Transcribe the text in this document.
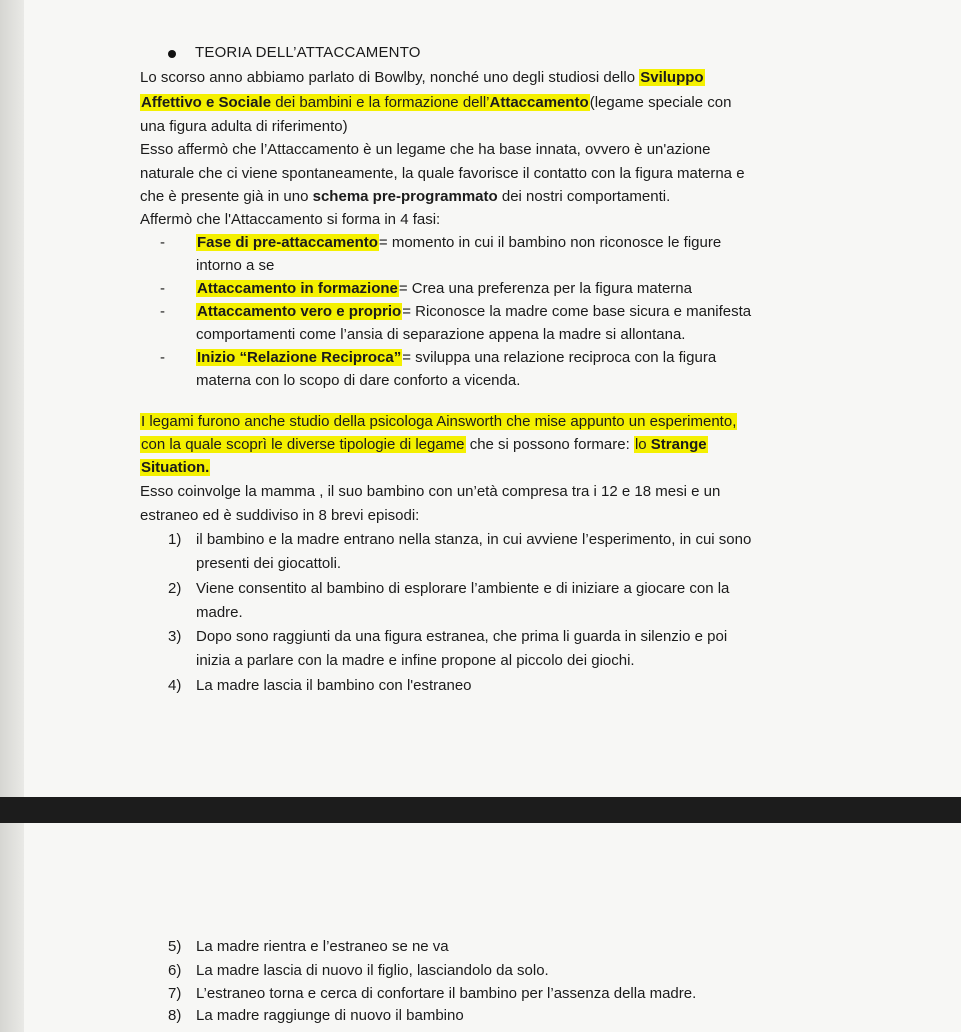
TEORIA DELL’ATTACCAMENTO
Lo scorso anno abbiamo parlato di Bowlby, nonché uno degli studiosi dello Sviluppo
Affettivo e Sociale dei bambini e la formazione dell’Attaccamento(legame speciale con
una figura adulta di riferimento)
Esso affermò che l’Attaccamento è un legame che ha base innata, ovvero è un'azione
naturale che ci viene spontaneamente, la quale favorisce il contatto con la figura materna e
che è presente già in uno schema pre-programmato dei nostri comportamenti.
Affermò che l'Attaccamento si forma in 4 fasi:
- Fase di pre-attaccamento= momento in cui il bambino non riconosce le figure
intorno a se
- Attaccamento in formazione= Crea una preferenza per la figura materna
- Attaccamento vero e proprio= Riconosce la madre come base sicura e manifesta
comportamenti come l’ansia di separazione appena la madre si allontana.
- Inizio “Relazione Reciproca”= sviluppa una relazione reciproca con la figura
materna con lo scopo di dare conforto a vicenda.
I legami furono anche studio della psicologa Ainsworth che mise appunto un esperimento,
con la quale scoprì le diverse tipologie di legame che si possono formare: lo Strange
Situation.
Esso coinvolge la mamma , il suo bambino con un’età compresa tra i 12 e 18 mesi e un
estraneo ed è suddiviso in 8 brevi episodi:
1) il bambino e la madre entrano nella stanza, in cui avviene l’esperimento, in cui sono
presenti dei giocattoli.
2) Viene consentito al bambino di esplorare l’ambiente e di iniziare a giocare con la
madre.
3) Dopo sono raggiunti da una figura estranea, che prima li guarda in silenzio e poi
inizia a parlare con la madre e infine propone al piccolo dei giochi.
4) La madre lascia il bambino con l'estraneo
5) La madre rientra e l’estraneo se ne va
6) La madre lascia di nuovo il figlio, lasciandolo da solo.
7) L’estraneo torna e cerca di confortare il bambino per l’assenza della madre.
8) La madre raggiunge di nuovo il bambino
